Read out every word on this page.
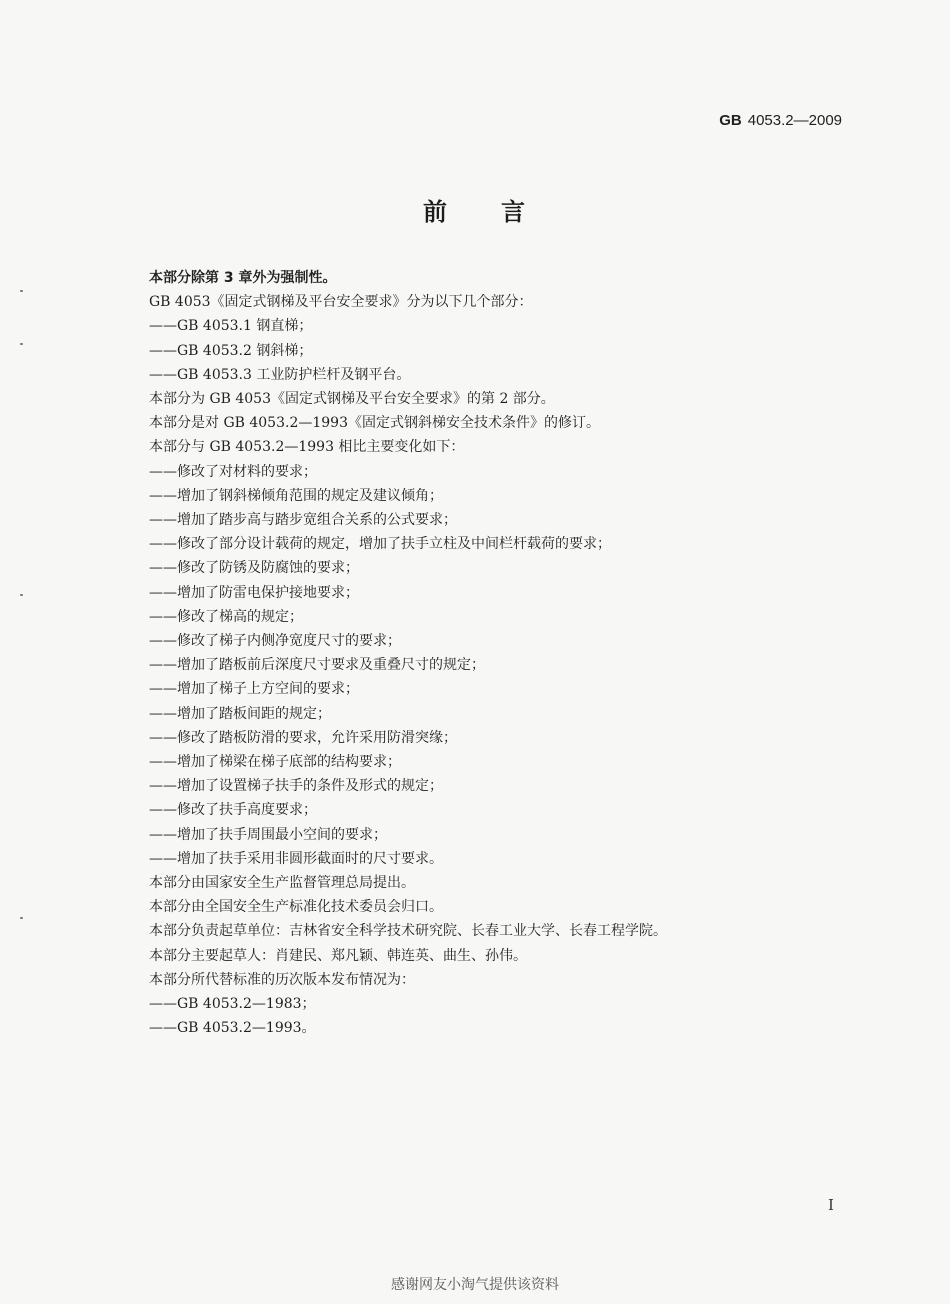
GB 4053.2—2009
前 言
本部分除第 3 章外为强制性。
GB 4053《固定式钢梯及平台安全要求》分为以下几个部分：
——GB 4053.1 钢直梯；
——GB 4053.2 钢斜梯；
——GB 4053.3 工业防护栏杆及钢平台。
本部分为 GB 4053《固定式钢梯及平台安全要求》的第 2 部分。
本部分是对 GB 4053.2—1993《固定式钢斜梯安全技术条件》的修订。
本部分与 GB 4053.2—1993 相比主要变化如下：
——修改了对材料的要求；
——增加了钢斜梯倾角范围的规定及建议倾角；
——增加了踏步高与踏步宽组合关系的公式要求；
——修改了部分设计载荷的规定，增加了扶手立柱及中间栏杆载荷的要求；
——修改了防锈及防腐蚀的要求；
——增加了防雷电保护接地要求；
——修改了梯高的规定；
——修改了梯子内侧净宽度尺寸的要求；
——增加了踏板前后深度尺寸要求及重叠尺寸的规定；
——增加了梯子上方空间的要求；
——增加了踏板间距的规定；
——修改了踏板防滑的要求，允许采用防滑突缘；
——增加了梯梁在梯子底部的结构要求；
——增加了设置梯子扶手的条件及形式的规定；
——修改了扶手高度要求；
——增加了扶手周围最小空间的要求；
——增加了扶手采用非圆形截面时的尺寸要求。
本部分由国家安全生产监督管理总局提出。
本部分由全国安全生产标准化技术委员会归口。
本部分负责起草单位：吉林省安全科学技术研究院、长春工业大学、长春工程学院。
本部分主要起草人：肖建民、郑凡颖、韩连英、曲生、孙伟。
本部分所代替标准的历次版本发布情况为：
——GB 4053.2—1983；
——GB 4053.2—1993。
I
感谢网友小淘气提供该资料
